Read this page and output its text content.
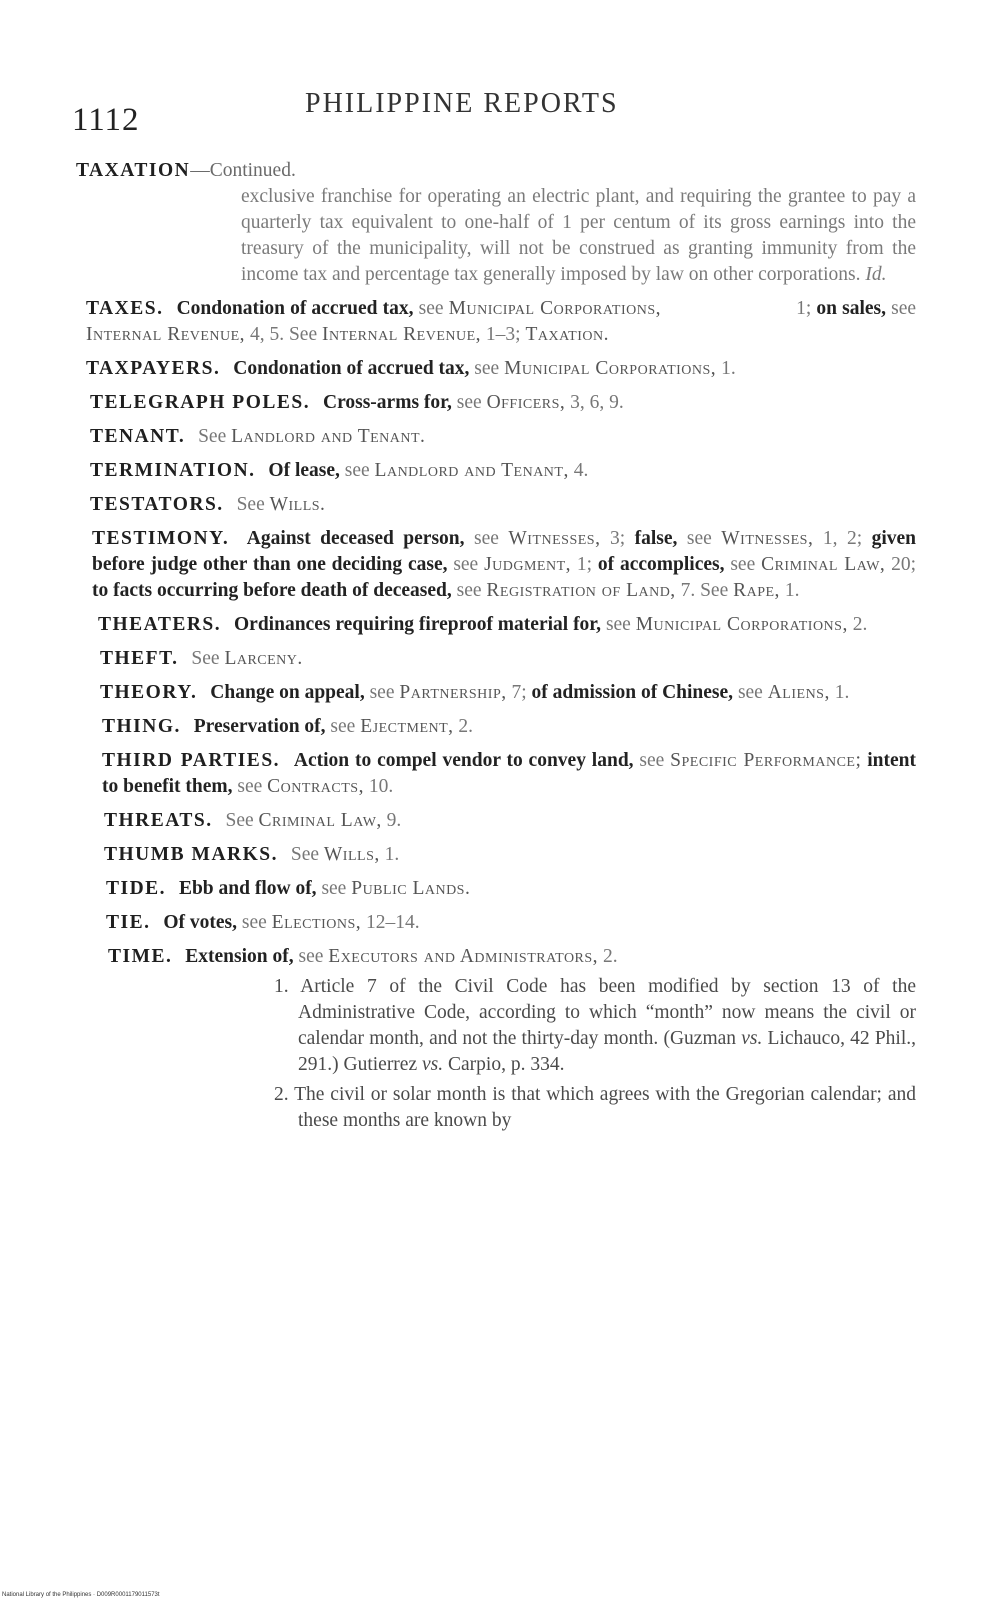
1112	PHILIPPINE REPORTS
TAXATION—Continued.
exclusive franchise for operating an electric plant, and requiring the grantee to pay a quarterly tax equivalent to one-half of 1 per centum of its gross earnings into the treasury of the municipality, will not be construed as granting immunity from the income tax and percentage tax generally imposed by law on other corporations. Id.
TAXES. Condonation of accrued tax, see Municipal Corporations,	1; on sales, see Internal Revenue, 4, 5. See Internal Revenue, 1–3; Taxation.
TAXPAYERS. Condonation of accrued tax, see Municipal Corporations, 1.
TELEGRAPH POLES. Cross-arms for, see Officers, 3, 6, 9.
TENANT. See Landlord and Tenant.
TERMINATION. Of lease, see Landlord and Tenant, 4.
TESTATORS. See Wills.
TESTIMONY. Against deceased person, see Witnesses, 3; false, see Witnesses, 1, 2; given before judge other than one deciding case, see Judgment, 1; of accomplices, see Criminal Law, 20; to facts occurring before death of deceased, see Registration of Land, 7. See Rape, 1.
THEATERS. Ordinances requiring fireproof material for, see Municipal Corporations, 2.
THEFT. See Larceny.
THEORY. Change on appeal, see Partnership, 7; of admission of Chinese, see Aliens, 1.
THING. Preservation of, see Ejectment, 2.
THIRD PARTIES. Action to compel vendor to convey land, see Specific Performance; intent to benefit them, see Contracts, 10.
THREATS. See Criminal Law, 9.
THUMB MARKS. See Wills, 1.
TIDE. Ebb and flow of, see Public Lands.
TIE. Of votes, see Elections, 12–14.
TIME. Extension of, see Executors and Administrators, 2.
1. Article 7 of the Civil Code has been modified by section 13 of the Administrative Code, according to which “month” now means the civil or calendar month, and not the thirty-day month. (Guzman vs. Lichauco, 42 Phil., 291.) Gutierrez vs. Carpio, p. 334.
2. The civil or solar month is that which agrees with the Gregorian calendar; and these months are known by
National Library of the Philippines · D009R0001179011573t
